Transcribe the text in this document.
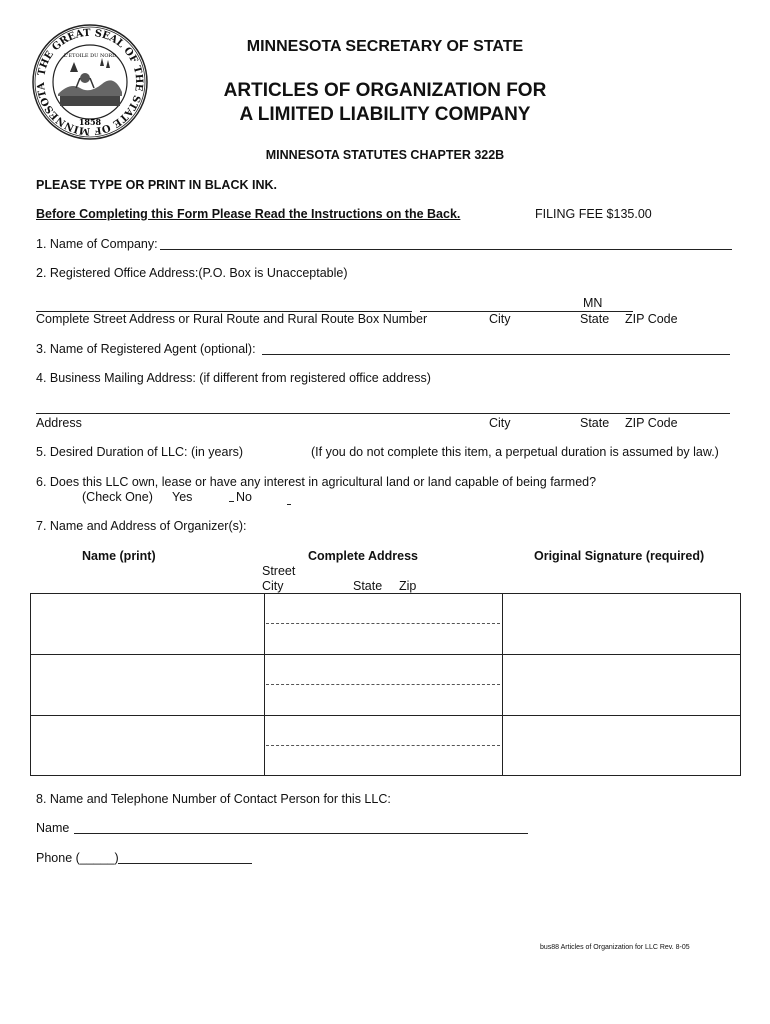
THE GREAT SEAL OF THE STATE OF MINNESOTA
L'ETOILE DU NORD
1858
MINNESOTA SECRETARY OF STATE
ARTICLES OF ORGANIZATION FOR
A LIMITED LIABILITY COMPANY
MINNESOTA STATUTES CHAPTER 322B
PLEASE TYPE OR PRINT IN BLACK INK.
Before Completing this Form Please Read the Instructions on the Back.	FILING FEE $135.00
1. Name of Company:
2. Registered Office Address:(P.O. Box is Unacceptable)
MN
Complete Street Address or Rural Route and Rural Route Box Number	City	State ZIP Code
3. Name of Registered Agent (optional):
4. Business Mailing Address: (if different from registered office address)
Address	City	State ZIP Code
5. Desired Duration of LLC: (in years)	(If you do not complete this item, a perpetual duration is assumed by law.)
6. Does this LLC own, lease or have any interest in agricultural land or land capable of being farmed?
(Check One) Yes	No
7. Name and Address of Organizer(s):
Name (print)	Complete Address	Original Signature (required)
Street
City	State Zip
8. Name and Telephone Number of Contact Person for this LLC:
Name
Phone (_____)
bus88 Articles of Organization for LLC Rev. 8-05
